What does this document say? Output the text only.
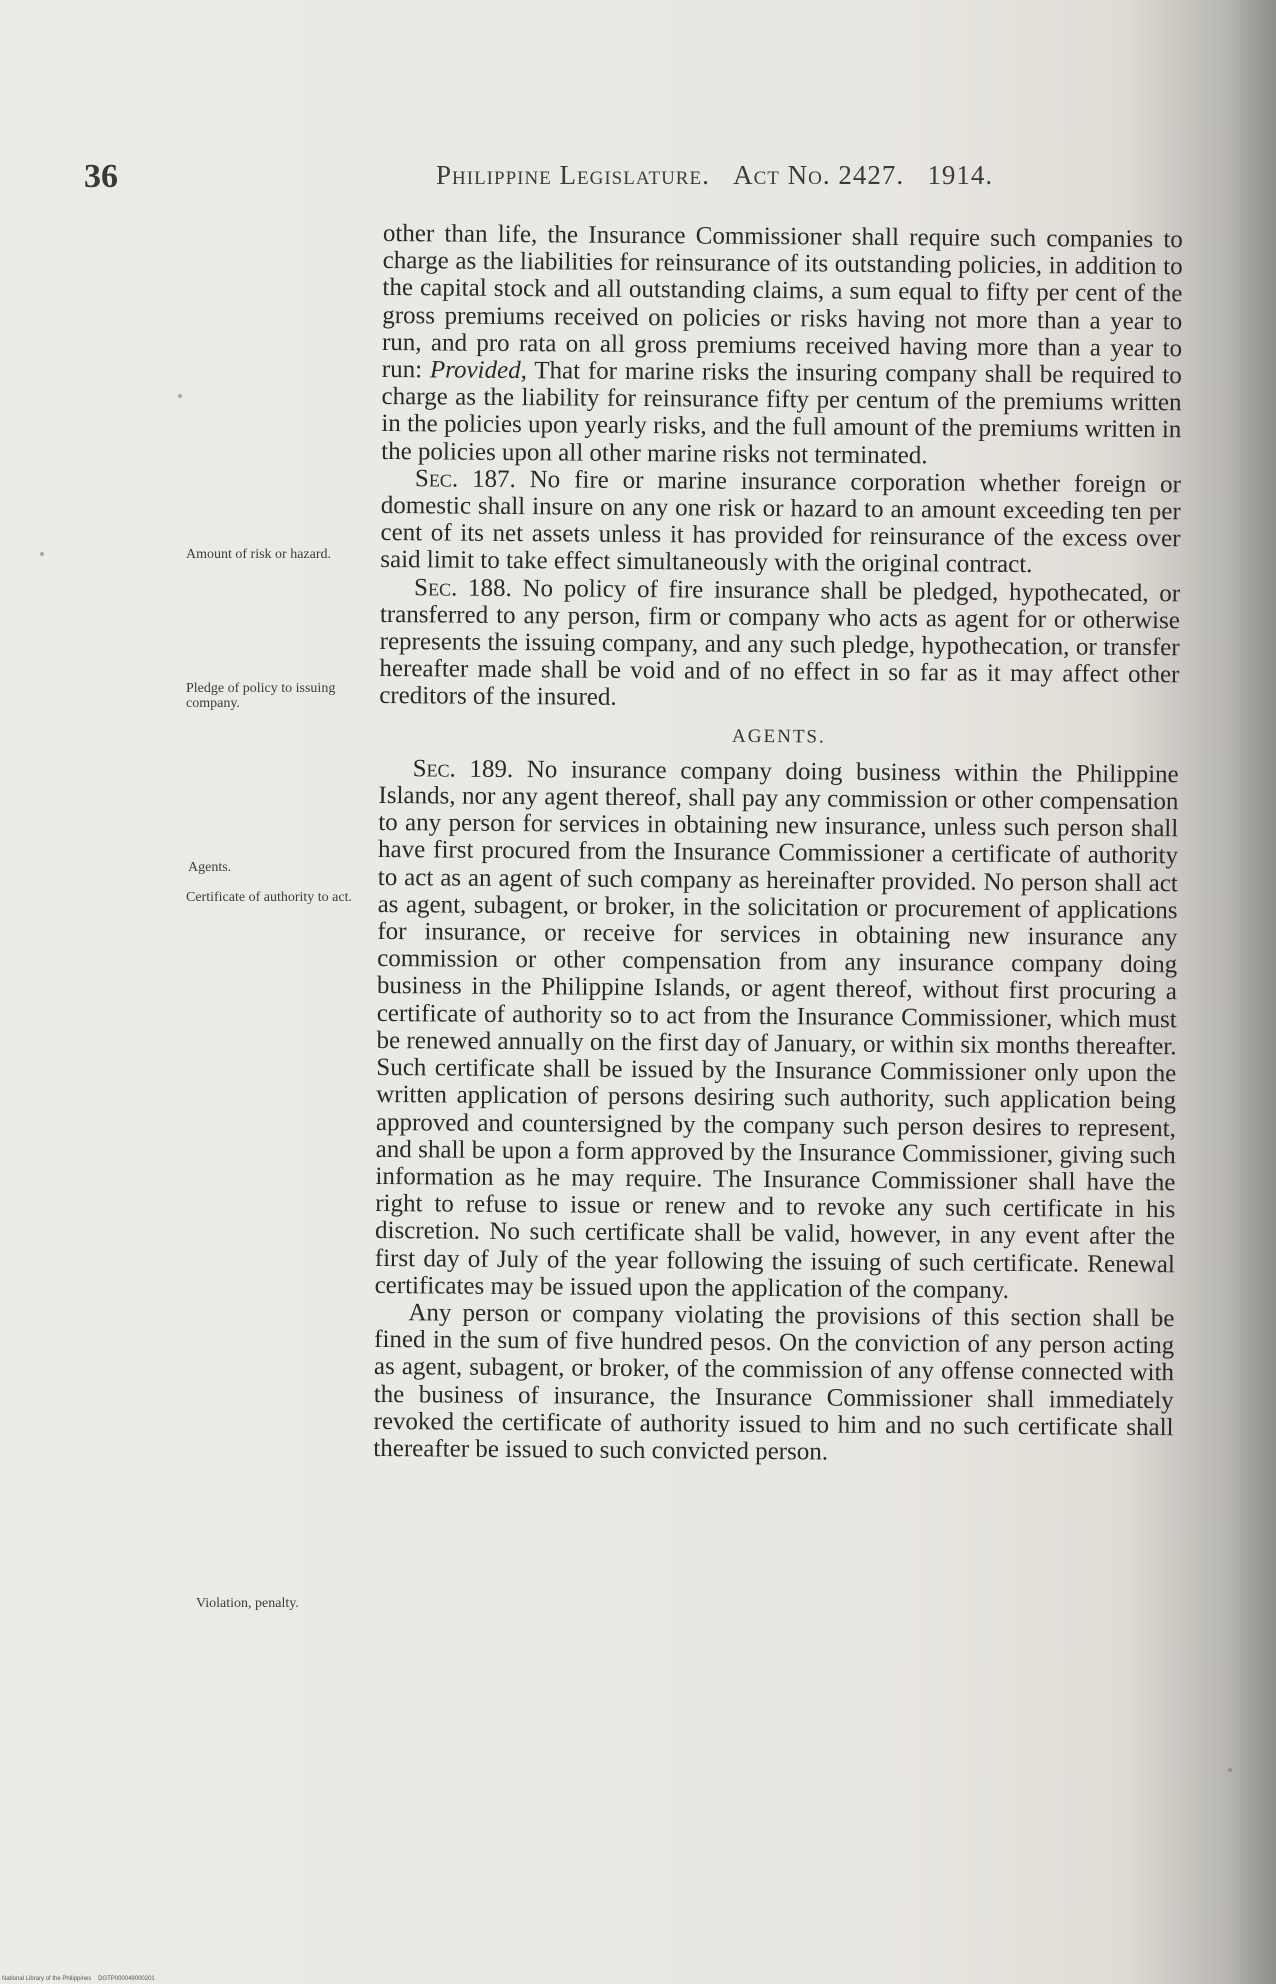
36	Philippine Legislature. Act No. 2427. 1914.
Amount of risk or hazard.
Pledge of policy to issuing company.
Agents.
Certificate of authority to act.
Violation, penalty.

other than life, the Insurance Commissioner shall require such companies to charge as the liabilities for reinsurance of its outstanding policies, in addition to the capital stock and all outstanding claims, a sum equal to fifty per cent of the gross premiums received on policies or risks having not more than a year to run, and pro rata on all gross premiums received having more than a year to run: Provided, That for marine risks the insuring company shall be required to charge as the liability for reinsurance fifty per centum of the premiums written in the policies upon yearly risks, and the full amount of the premiums written in the policies upon all other marine risks not terminated.

Sec. 187. No fire or marine insurance corporation whether foreign or domestic shall insure on any one risk or hazard to an amount exceeding ten per cent of its net assets unless it has provided for reinsurance of the excess over said limit to take effect simultaneously with the original contract.

Sec. 188. No policy of fire insurance shall be pledged, hypothecated, or transferred to any person, firm or company who acts as agent for or otherwise represents the issuing company, and any such pledge, hypothecation, or transfer hereafter made shall be void and of no effect in so far as it may affect other creditors of the insured.

AGENTS.

Sec. 189. No insurance company doing business within the Philippine Islands, nor any agent thereof, shall pay any commission or other compensation to any person for services in obtaining new insurance, unless such person shall have first procured from the Insurance Commissioner a certificate of authority to act as an agent of such company as hereinafter provided. No person shall act as agent, subagent, or broker, in the solicitation or procurement of applications for insurance, or receive for services in obtaining new insurance any commission or other compensation from any insurance company doing business in the Philippine Islands, or agent thereof, without first procuring a certificate of authority so to act from the Insurance Commissioner, which must be renewed annually on the first day of January, or within six months thereafter. Such certificate shall be issued by the Insurance Commissioner only upon the written application of persons desiring such authority, such application being approved and countersigned by the company such person desires to represent, and shall be upon a form approved by the Insurance Commissioner, giving such information as he may require. The Insurance Commissioner shall have the right to refuse to issue or renew and to revoke any such certificate in his discretion. No such certificate shall be valid, however, in any event after the first day of July of the year following the issuing of such certificate. Renewal certificates may be issued upon the application of the company.

Any person or company violating the provisions of this section shall be fined in the sum of five hundred pesos. On the conviction of any person acting as agent, subagent, or broker, of the commission of any offense connected with the business of insurance, the Insurance Commissioner shall immediately revoked the certificate of authority issued to him and no such certificate shall thereafter be issued to such convicted person.

National Library of the Philippines DGTP000049000201
